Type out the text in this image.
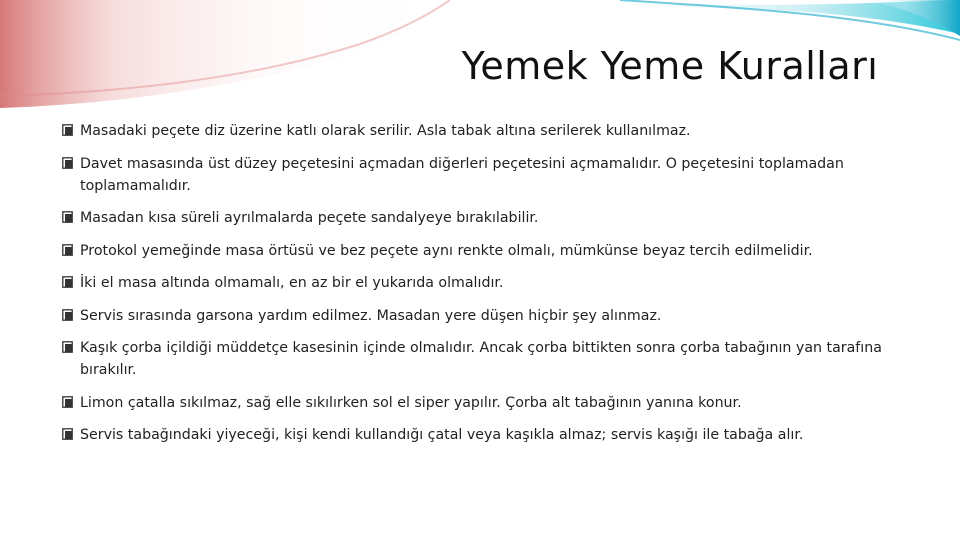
Yemek Yeme Kuralları
Masadaki peçete diz üzerine katlı olarak serilir. Asla tabak altına serilerek kullanılmaz.
Davet masasında üst düzey peçetesini açmadan diğerleri peçetesini açmamalıdır. O peçetesini toplamadan toplamamalıdır.
Masadan kısa süreli ayrılmalarda peçete sandalyeye bırakılabilir.
Protokol yemeğinde masa örtüsü ve bez peçete aynı renkte olmalı, mümkünse beyaz tercih edilmelidir.
İki el masa altında olmamalı, en az bir el yukarıda olmalıdır.
Servis sırasında garsona yardım edilmez. Masadan yere düşen hiçbir şey alınmaz.
Kaşık çorba içildiği müddetçe kasesinin içinde olmalıdır. Ancak çorba bittikten sonra çorba tabağının yan tarafına bırakılır.
Limon çatalla sıkılmaz, sağ elle sıkılırken sol el siper yapılır. Çorba alt tabağının yanına konur.
Servis tabağındaki yiyeceği, kişi kendi kullandığı çatal veya kaşıkla almaz; servis kaşığı ile tabağa alır.
